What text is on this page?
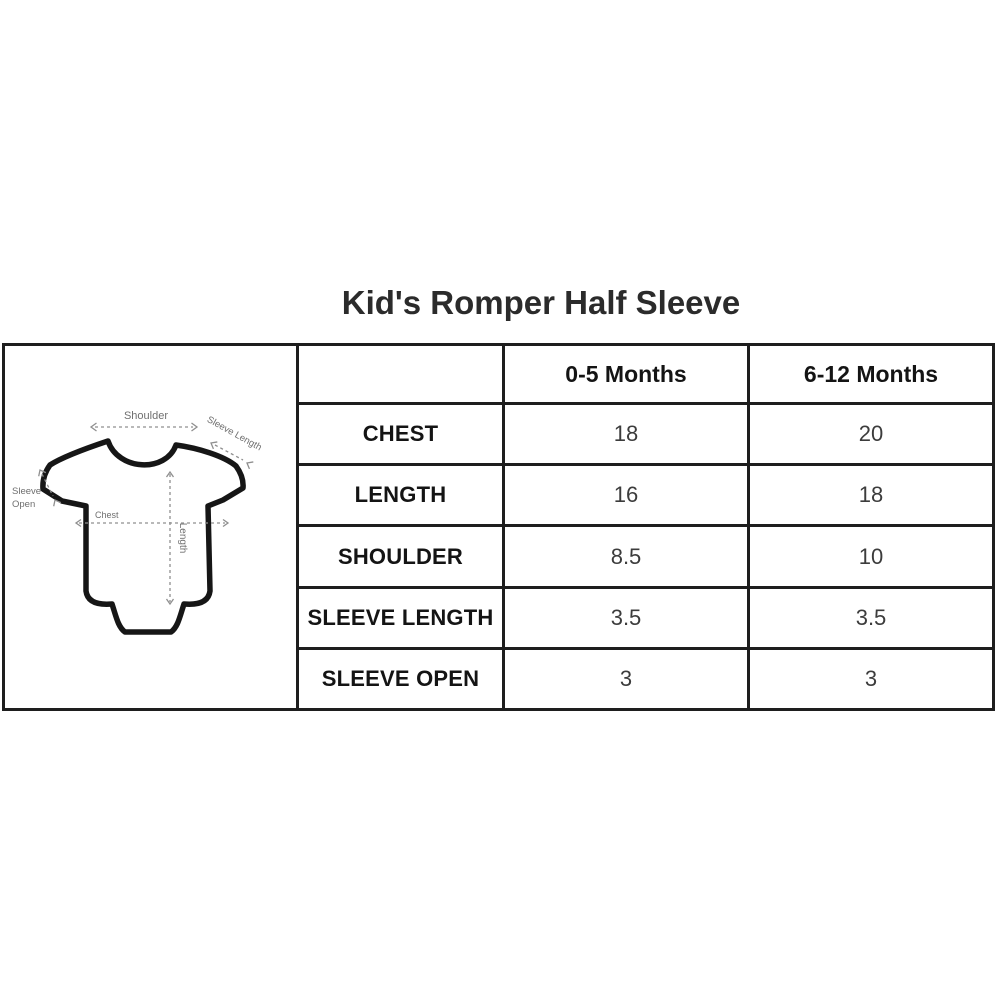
Kid's Romper Half Sleeve
Shoulder	Sleeve Length
Sleeve
Open
Chest
Length
		0-5 Months	6-12 Months
	CHEST	18	20
	LENGTH	16	18
	SHOULDER	8.5	10
	SLEEVE LENGTH	3.5	3.5
	SLEEVE OPEN	3	3
